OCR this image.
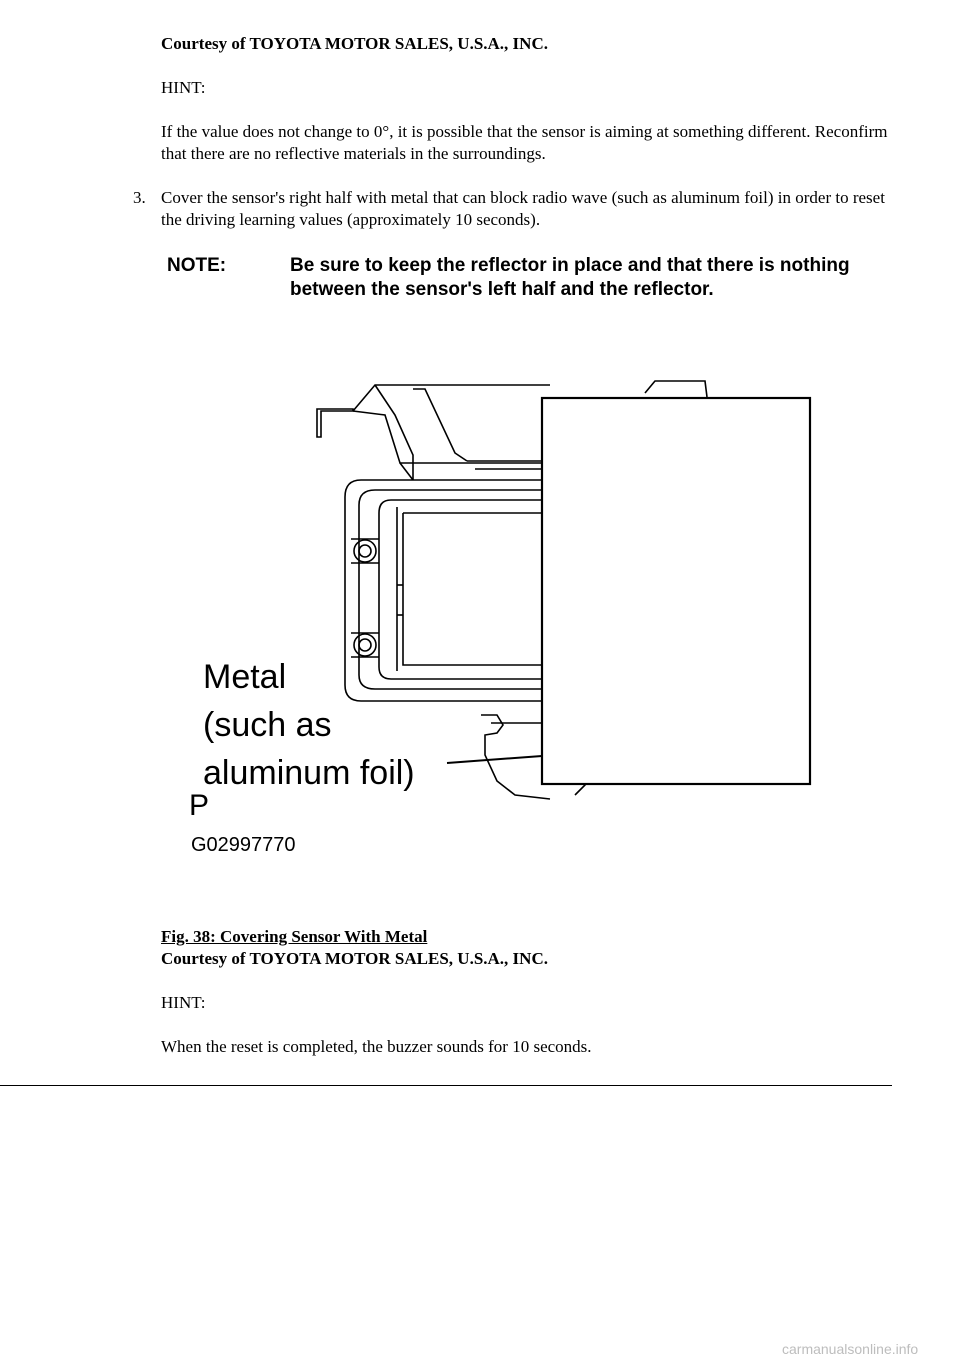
Courtesy of TOYOTA MOTOR SALES, U.S.A., INC.
HINT:
If the value does not change to 0°, it is possible that the sensor is aiming at something different. Reconfirm that there are no reflective materials in the surroundings.
3. Cover the sensor's right half with metal that can block radio wave (such as aluminum foil) in order to reset the driving learning values (approximately 10 seconds).
NOTE:	Be sure to keep the reflector in place and that there is nothing between the sensor's left half and the reflector.
Metal
(such as
aluminum foil)
P
G02997770
Fig. 38: Covering Sensor With Metal
Courtesy of TOYOTA MOTOR SALES, U.S.A., INC.
HINT:
When the reset is completed, the buzzer sounds for 10 seconds.
carmanualsonline.info
